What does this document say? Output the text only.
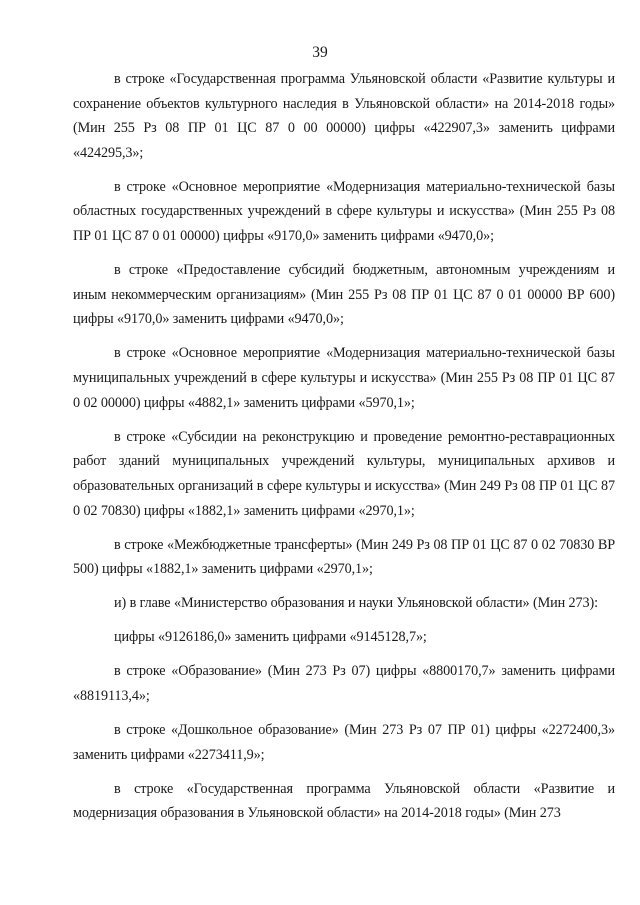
39

в строке «Государственная программа Ульяновской области «Развитие культуры и сохранение объектов культурного наследия в Ульяновской области» на 2014-2018 годы» (Мин 255 Рз 08 ПР 01 ЦС 87 0 00 00000) цифры «422907,3» заменить цифрами «424295,3»;

в строке «Основное мероприятие «Модернизация материально-технической базы областных государственных учреждений в сфере культуры и искусства» (Мин 255 Рз 08 ПР 01 ЦС 87 0 01 00000) цифры «9170,0» заменить цифрами «9470,0»;

в строке «Предоставление субсидий бюджетным, автономным учреждениям и иным некоммерческим организациям» (Мин 255 Рз 08 ПР 01 ЦС 87 0 01 00000 ВР 600) цифры «9170,0» заменить цифрами «9470,0»;

в строке «Основное мероприятие «Модернизация материально-технической базы муниципальных учреждений в сфере культуры и искусства» (Мин 255 Рз 08 ПР 01 ЦС 87 0 02 00000) цифры «4882,1» заменить цифрами «5970,1»;

в строке «Субсидии на реконструкцию и проведение ремонтно-реставрационных работ зданий муниципальных учреждений культуры, муниципальных архивов и образовательных организаций в сфере культуры и искусства» (Мин 249 Рз 08 ПР 01 ЦС 87 0 02 70830) цифры «1882,1» заменить цифрами «2970,1»;

в строке «Межбюджетные трансферты» (Мин 249 Рз 08 ПР 01 ЦС 87 0 02 70830 ВР 500) цифры «1882,1» заменить цифрами «2970,1»;

и) в главе «Министерство образования и науки Ульяновской области» (Мин 273):

цифры «9126186,0» заменить цифрами «9145128,7»;

в строке «Образование» (Мин 273 Рз 07) цифры «8800170,7» заменить цифрами «8819113,4»;

в строке «Дошкольное образование» (Мин 273 Рз 07 ПР 01) цифры «2272400,3» заменить цифрами «2273411,9»;

в строке «Государственная программа Ульяновской области «Развитие и модернизация образования в Ульяновской области» на 2014-2018 годы» (Мин 273
